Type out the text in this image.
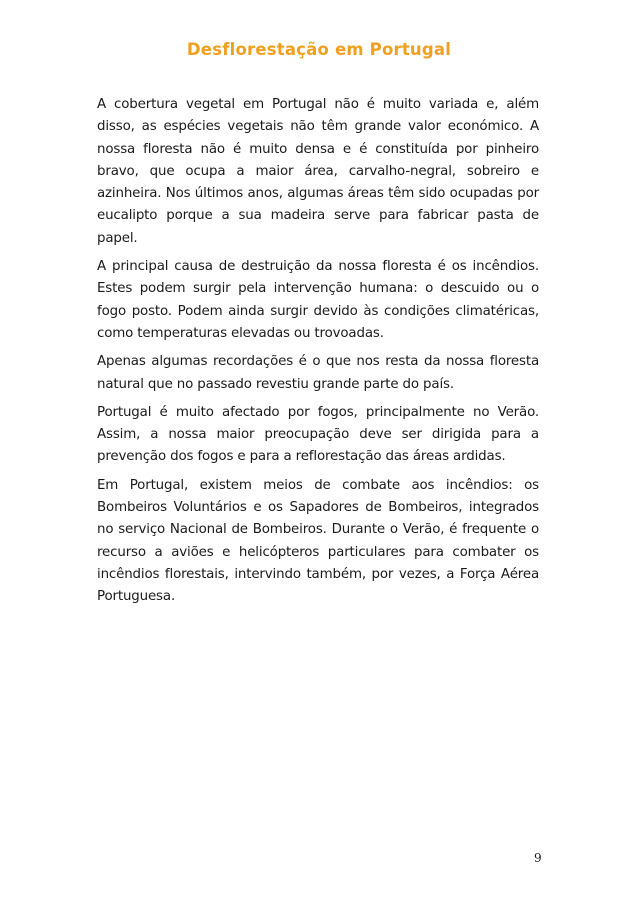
Desflorestação em Portugal

A cobertura vegetal em Portugal não é muito variada e, além disso, as espécies vegetais não têm grande valor económico. A nossa floresta não é muito densa e é constituída por pinheiro bravo, que ocupa a maior área, carvalho-negral, sobreiro e azinheira. Nos últimos anos, algumas áreas têm sido ocupadas por eucalipto porque a sua madeira serve para fabricar pasta de papel.

A principal causa de destruição da nossa floresta é os incêndios. Estes podem surgir pela intervenção humana: o descuido ou o fogo posto. Podem ainda surgir devido às condições climatéricas, como temperaturas elevadas ou trovoadas.

Apenas algumas recordações é o que nos resta da nossa floresta natural que no passado revestiu grande parte do país.

Portugal é muito afectado por fogos, principalmente no Verão. Assim, a nossa maior preocupação deve ser dirigida para a prevenção dos fogos e para a reflorestação das áreas ardidas.

Em Portugal, existem meios de combate aos incêndios: os Bombeiros Voluntários e os Sapadores de Bombeiros, integrados no serviço Nacional de Bombeiros. Durante o Verão, é frequente o recurso a aviões e helicópteros particulares para combater os incêndios florestais, intervindo também, por vezes, a Força Aérea Portuguesa.

9
